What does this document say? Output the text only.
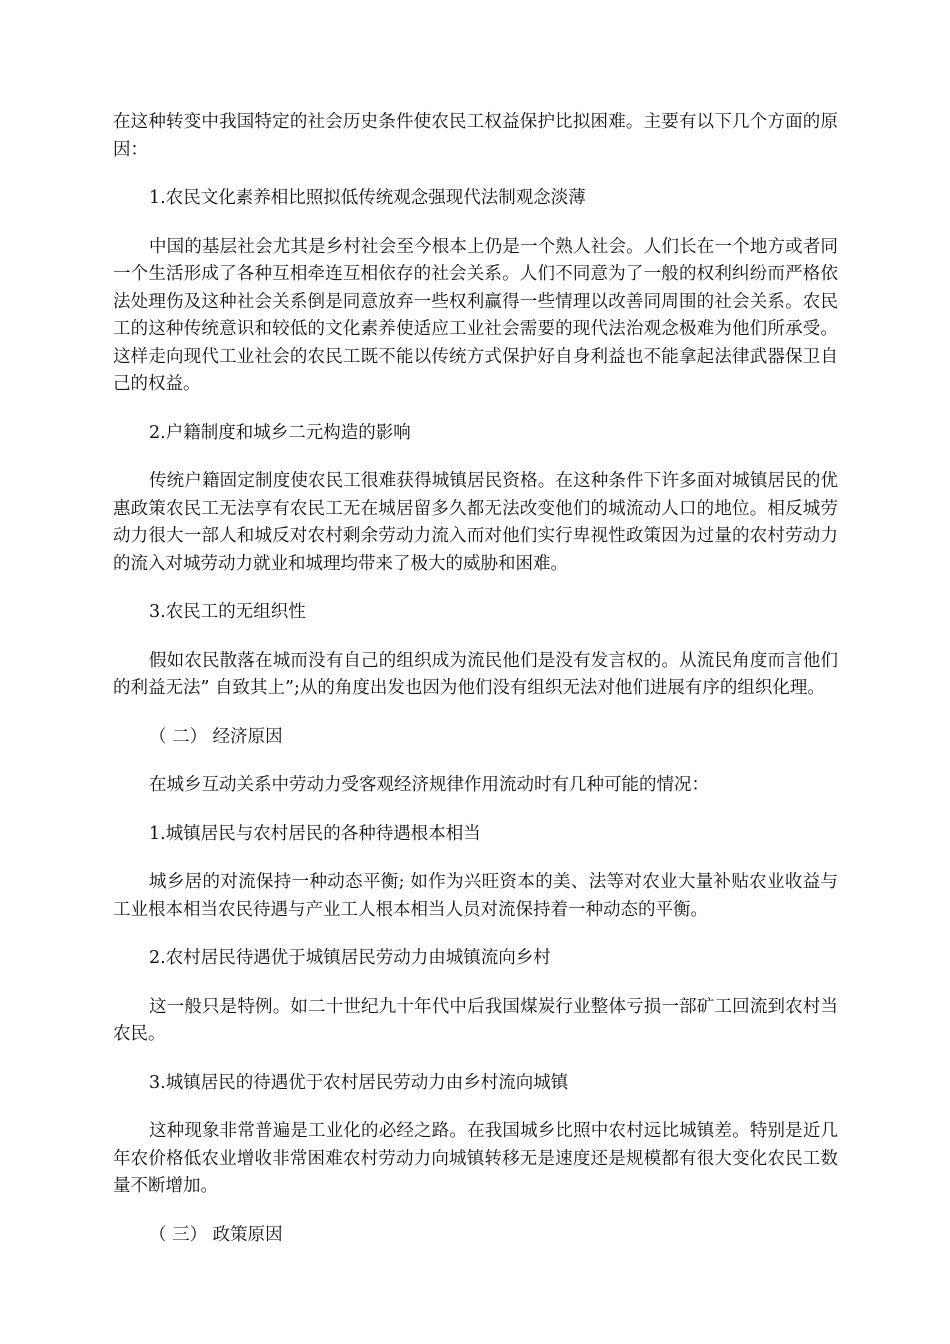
在这种转变中我国特定的社会历史条件使农民工权益保护比拟困难。主要有以下几个方面的原因：

1.农民文化素养相比照拟低传统观念强现代法制观念淡薄

中国的基层社会尤其是乡村社会至今根本上仍是一个熟人社会。人们长在一个地方或者同一个生活形成了各种互相牵连互相依存的社会关系。人们不同意为了一般的权利纠纷而严格依法处理伤及这种社会关系倒是同意放弃一些权利赢得一些情理以改善同周围的社会关系。农民工的这种传统意识和较低的文化素养使适应工业社会需要的现代法治观念极难为他们所承受。这样走向现代工业社会的农民工既不能以传统方式保护好自身利益也不能拿起法律武器保卫自己的权益。

2.户籍制度和城乡二元构造的影响

传统户籍固定制度使农民工很难获得城镇居民资格。在这种条件下许多面对城镇居民的优惠政策农民工无法享有农民工无在城居留多久都无法改变他们的城流动人口的地位。相反城劳动力很大一部人和城反对农村剩余劳动力流入而对他们实行卑视性政策因为过量的农村劳动力的流入对城劳动力就业和城理均带来了极大的威胁和困难。

3.农民工的无组织性

假如农民散落在城而没有自己的组织成为流民他们是没有发言权的。从流民角度而言他们的利益无法” 自致其上”;从的角度出发也因为他们没有组织无法对他们进展有序的组织化理。

（ 二） 经济原因

在城乡互动关系中劳动力受客观经济规律作用流动时有几种可能的情况：

1.城镇居民与农村居民的各种待遇根本相当

城乡居的对流保持一种动态平衡; 如作为兴旺资本的美、法等对农业大量补贴农业收益与工业根本相当农民待遇与产业工人根本相当人员对流保持着一种动态的平衡。

2.农村居民待遇优于城镇居民劳动力由城镇流向乡村

这一般只是特例。如二十世纪九十年代中后我国煤炭行业整体亏损一部矿工回流到农村当农民。

3.城镇居民的待遇优于农村居民劳动力由乡村流向城镇

这种现象非常普遍是工业化的必经之路。在我国城乡比照中农村远比城镇差。特别是近几年农价格低农业增收非常困难农村劳动力向城镇转移无是速度还是规模都有很大变化农民工数量不断增加。

（ 三） 政策原因
